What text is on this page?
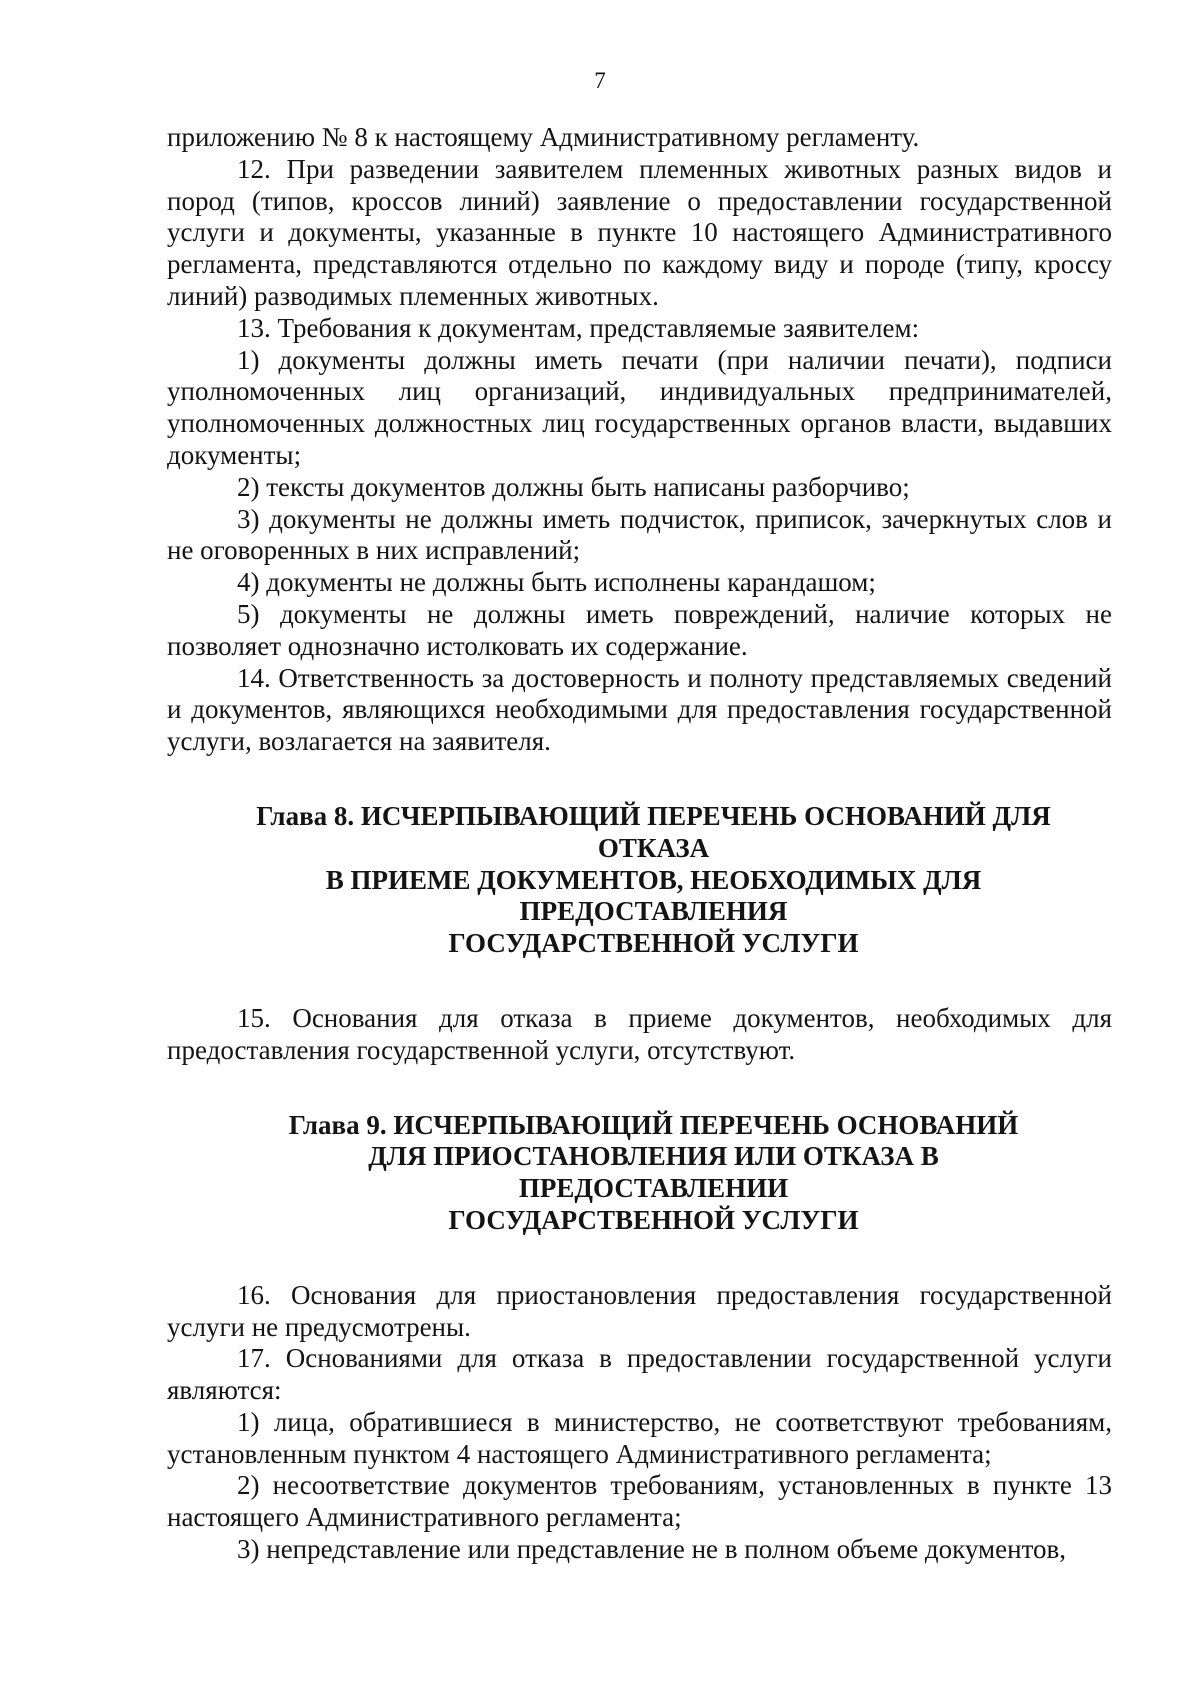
7

приложению № 8 к настоящему Административному регламенту.

12. При разведении заявителем племенных животных разных видов и пород (типов, кроссов линий) заявление о предоставлении государственной услуги и документы, указанные в пункте 10 настоящего Административного регламента, представляются отдельно по каждому виду и породе (типу, кроссу линий) разводимых племенных животных.

13. Требования к документам, представляемые заявителем:

1) документы должны иметь печати (при наличии печати), подписи уполномоченных лиц организаций, индивидуальных предпринимателей, уполномоченных должностных лиц государственных органов власти, выдавших документы;

2) тексты документов должны быть написаны разборчиво;

3) документы не должны иметь подчисток, приписок, зачеркнутых слов и не оговоренных в них исправлений;

4) документы не должны быть исполнены карандашом;

5) документы не должны иметь повреждений, наличие которых не позволяет однозначно истолковать их содержание.

14. Ответственность за достоверность и полноту представляемых сведений и документов, являющихся необходимыми для предоставления государственной услуги, возлагается на заявителя.

Глава 8. ИСЧЕРПЫВАЮЩИЙ ПЕРЕЧЕНЬ ОСНОВАНИЙ ДЛЯ
ОТКАЗА
В ПРИЕМЕ ДОКУМЕНТОВ, НЕОБХОДИМЫХ ДЛЯ
ПРЕДОСТАВЛЕНИЯ
ГОСУДАРСТВЕННОЙ УСЛУГИ

15. Основания для отказа в приеме документов, необходимых для предоставления государственной услуги, отсутствуют.

Глава 9. ИСЧЕРПЫВАЮЩИЙ ПЕРЕЧЕНЬ ОСНОВАНИЙ
ДЛЯ ПРИОСТАНОВЛЕНИЯ ИЛИ ОТКАЗА В
ПРЕДОСТАВЛЕНИИ
ГОСУДАРСТВЕННОЙ УСЛУГИ

16. Основания для приостановления предоставления государственной услуги не предусмотрены.

17. Основаниями для отказа в предоставлении государственной услуги являются:

1) лица, обратившиеся в министерство, не соответствуют требованиям, установленным пунктом 4 настоящего Административного регламента;

2) несоответствие документов требованиям, установленных в пункте 13 настоящего Административного регламента;

3) непредставление или представление не в полном объеме документов,
